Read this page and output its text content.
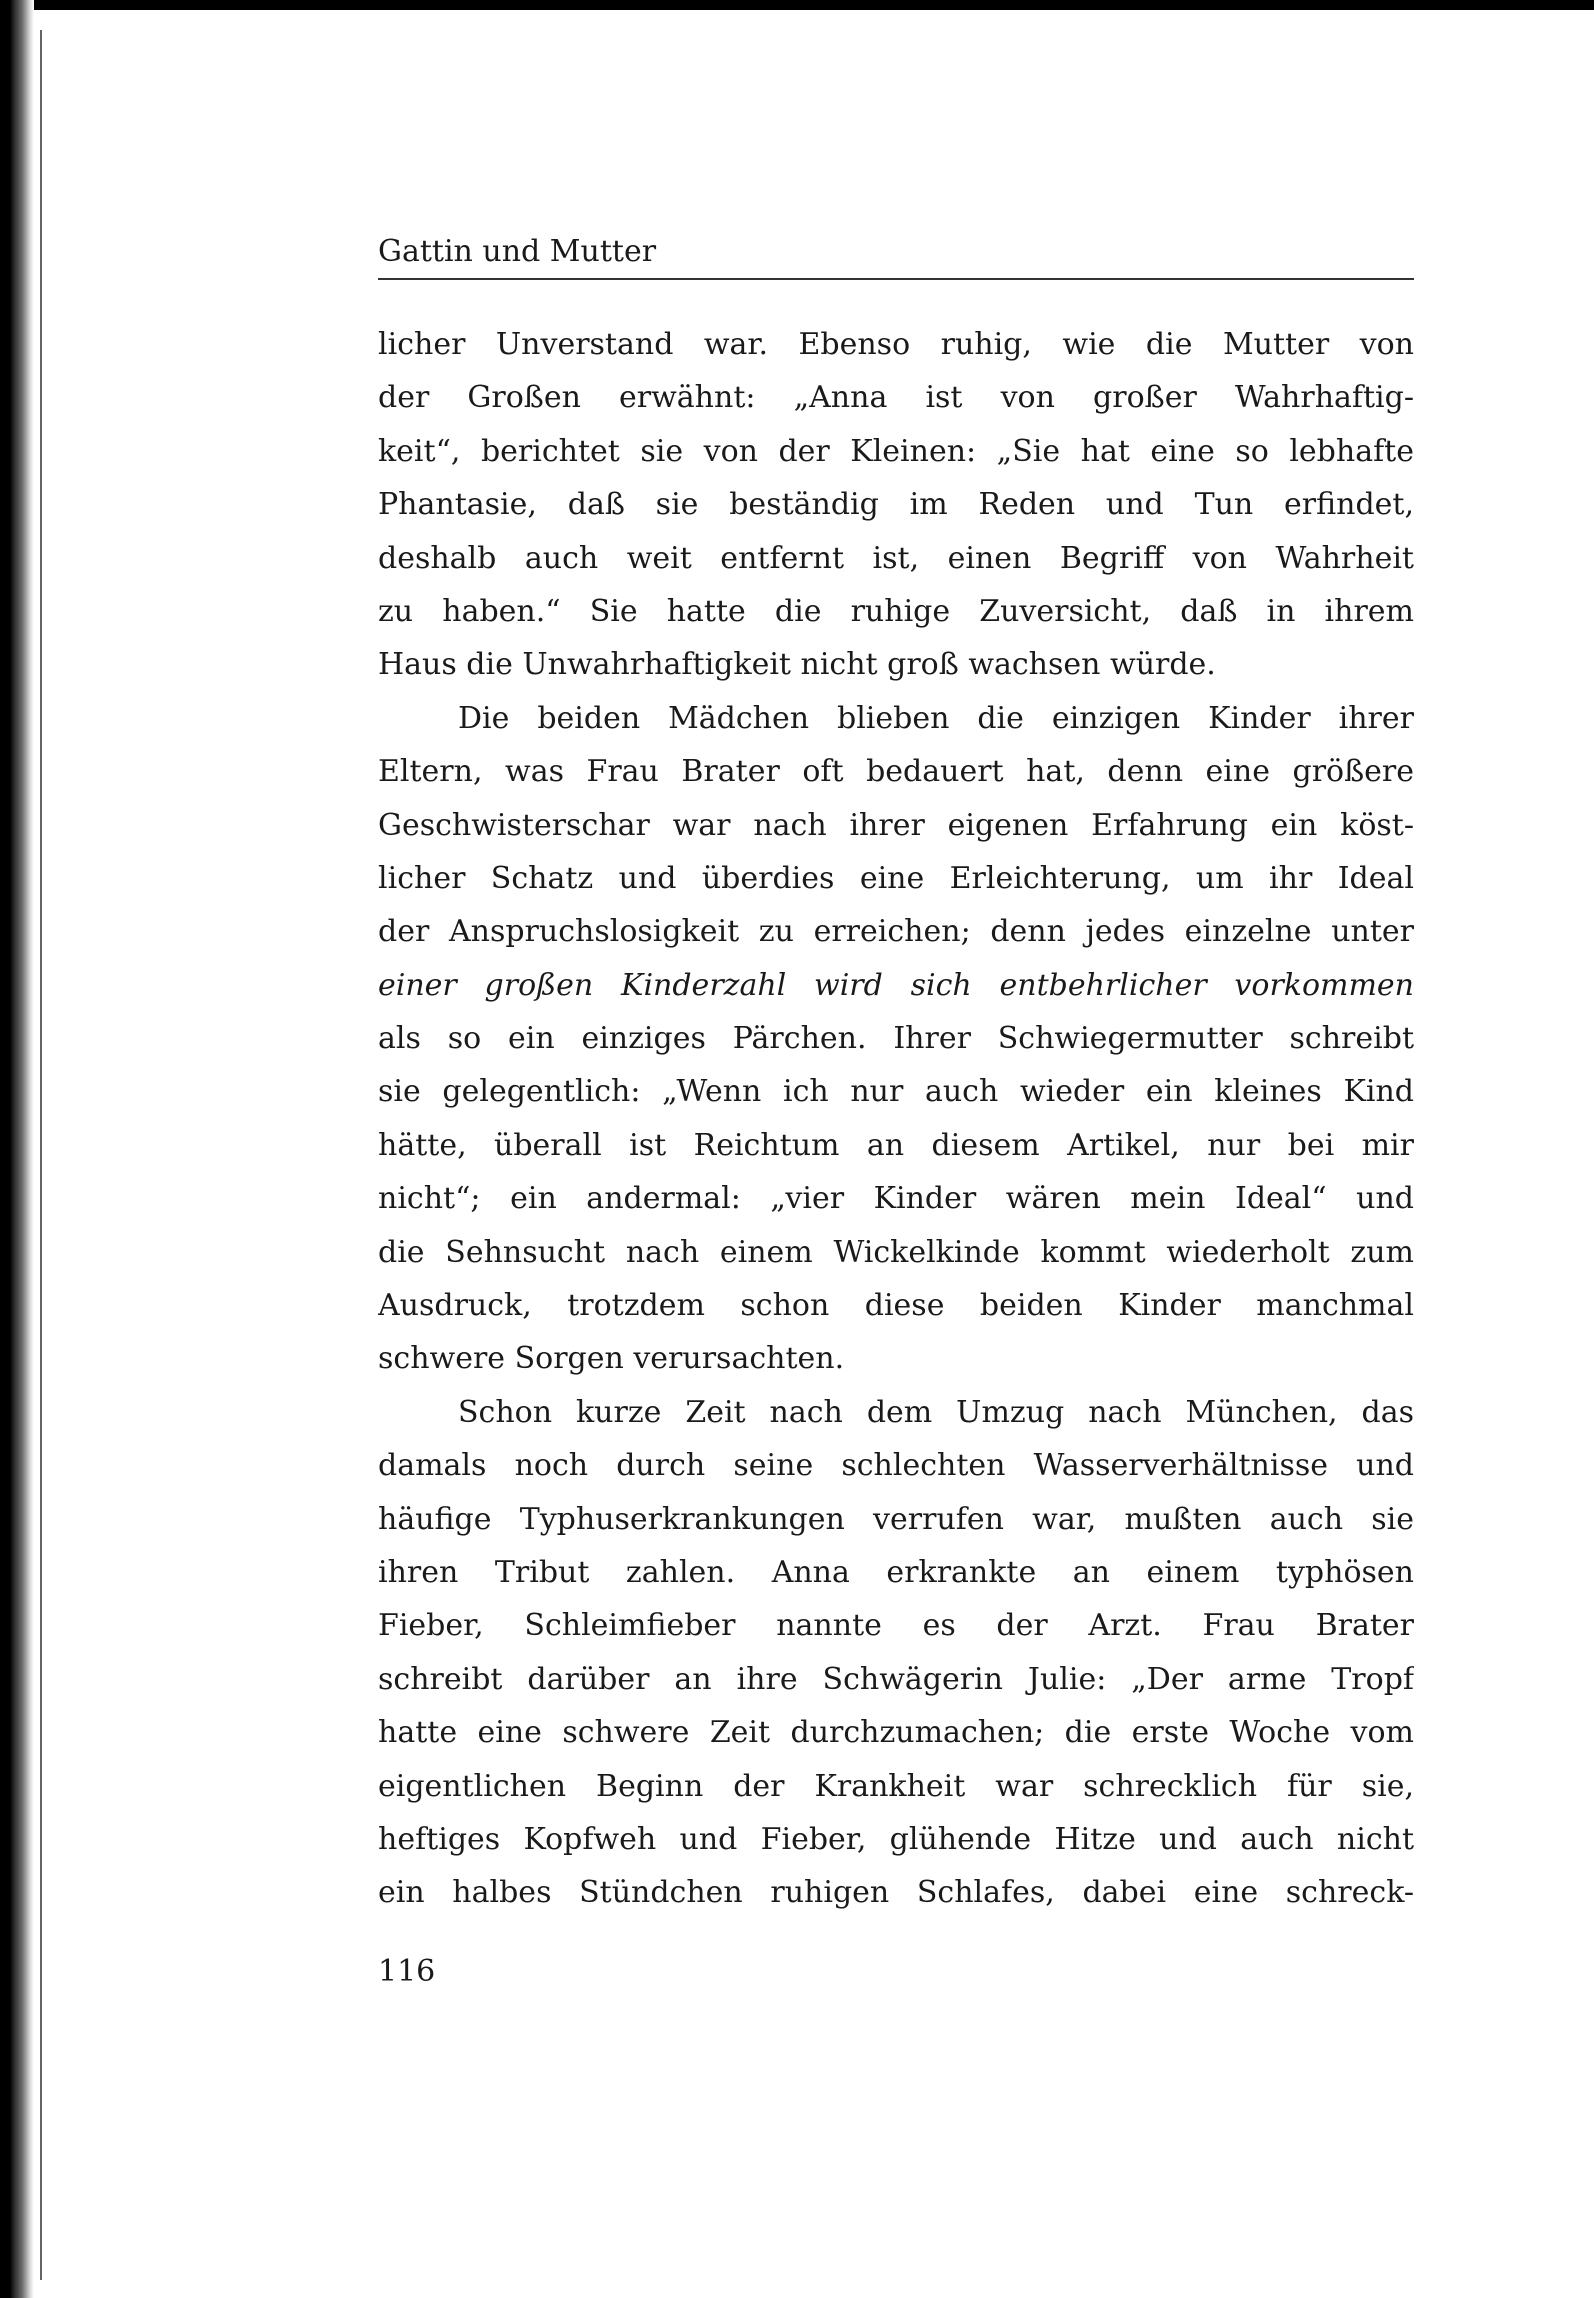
Gattin und Mutter
licher Unverstand war. Ebenso ruhig, wie die Mutter von
der Großen erwähnt: „Anna ist von großer Wahrhaftig-
keit“, berichtet sie von der Kleinen: „Sie hat eine so lebhafte
Phantasie, daß sie beständig im Reden und Tun erfindet,
deshalb auch weit entfernt ist, einen Begriff von Wahrheit
zu haben.“ Sie hatte die ruhige Zuversicht, daß in ihrem
Haus die Unwahrhaftigkeit nicht groß wachsen würde.
Die beiden Mädchen blieben die einzigen Kinder ihrer
Eltern, was Frau Brater oft bedauert hat, denn eine größere
Geschwisterschar war nach ihrer eigenen Erfahrung ein köst-
licher Schatz und überdies eine Erleichterung, um ihr Ideal
der Anspruchslosigkeit zu erreichen; denn jedes einzelne unter
einer großen Kinderzahl wird sich entbehrlicher vorkommen
als so ein einziges Pärchen. Ihrer Schwiegermutter schreibt
sie gelegentlich: „Wenn ich nur auch wieder ein kleines Kind
hätte, überall ist Reichtum an diesem Artikel, nur bei mir
nicht“; ein andermal: „vier Kinder wären mein Ideal“ und
die Sehnsucht nach einem Wickelkinde kommt wiederholt zum
Ausdruck, trotzdem schon diese beiden Kinder manchmal
schwere Sorgen verursachten.
Schon kurze Zeit nach dem Umzug nach München, das
damals noch durch seine schlechten Wasserverhältnisse und
häufige Typhuserkrankungen verrufen war, mußten auch sie
ihren Tribut zahlen. Anna erkrankte an einem typhösen
Fieber, Schleimfieber nannte es der Arzt. Frau Brater
schreibt darüber an ihre Schwägerin Julie: „Der arme Tropf
hatte eine schwere Zeit durchzumachen; die erste Woche vom
eigentlichen Beginn der Krankheit war schrecklich für sie,
heftiges Kopfweh und Fieber, glühende Hitze und auch nicht
ein halbes Stündchen ruhigen Schlafes, dabei eine schreck-
116
